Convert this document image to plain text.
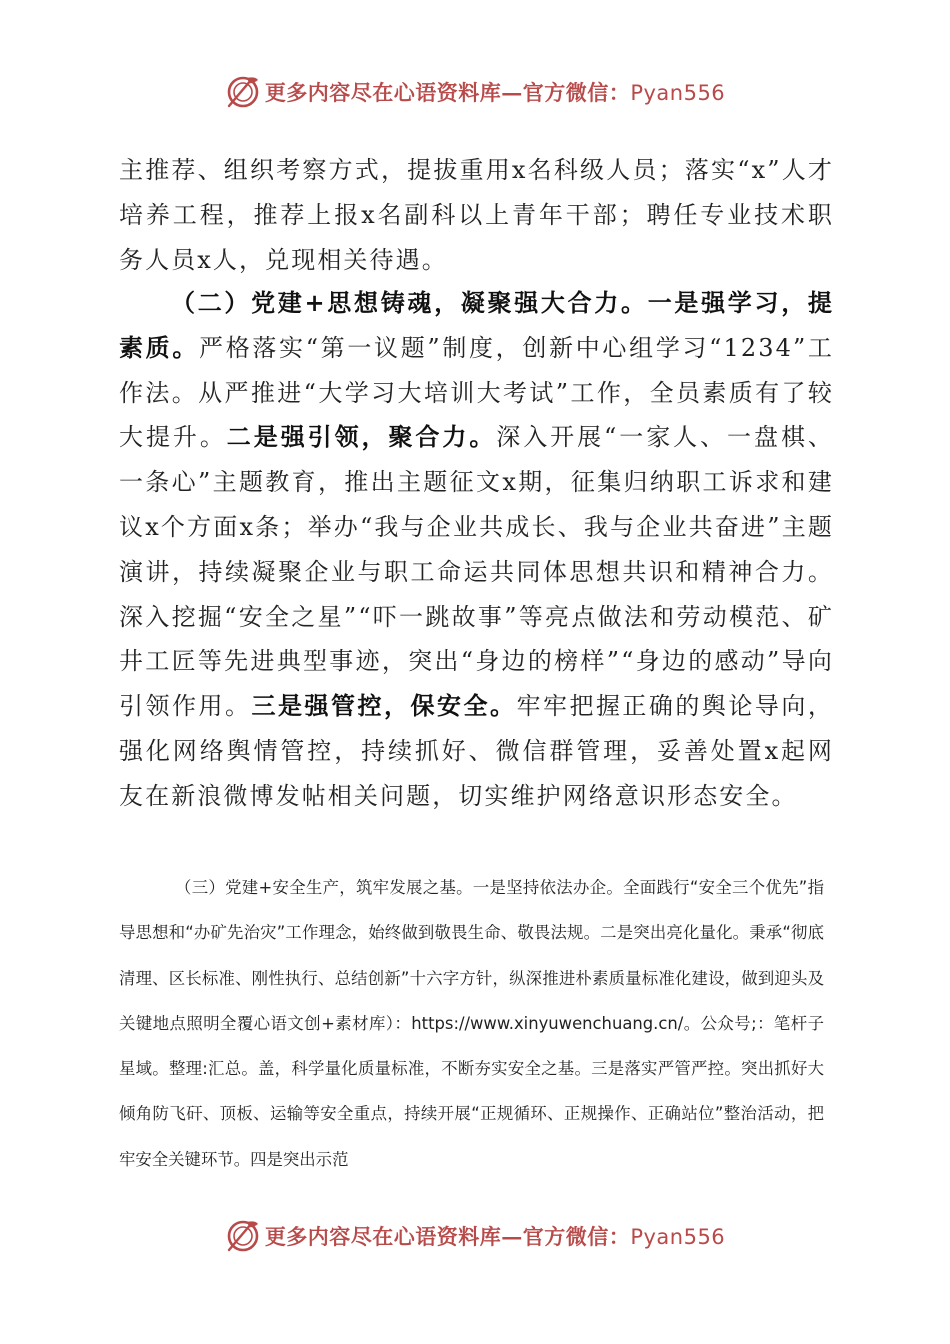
更多内容尽在心语资料库—官方微信：Pyan556

主推荐、组织考察方式，提拔重用x名科级人员；落实“x”人才培养工程，推荐上报x名副科以上青年干部；聘任专业技术职务人员x人，兑现相关待遇。

（二）党建+思想铸魂，凝聚强大合力。一是强学习，提素质。严格落实“第一议题”制度，创新中心组学习“1234”工作法。从严推进“大学习大培训大考试”工作，全员素质有了较大提升。二是强引领，聚合力。深入开展“一家人、一盘棋、一条心”主题教育，推出主题征文x期，征集归纳职工诉求和建议x个方面x条；举办“我与企业共成长、我与企业共奋进”主题演讲，持续凝聚企业与职工命运共同体思想共识和精神合力。深入挖掘“安全之星”“吓一跳故事”等亮点做法和劳动模范、矿井工匠等先进典型事迹，突出“身边的榜样”“身边的感动”导向引领作用。三是强管控，保安全。牢牢把握正确的舆论导向，强化网络舆情管控，持续抓好、微信群管理，妥善处置x起网友在新浪微博发帖相关问题，切实维护网络意识形态安全。

（三）党建+安全生产，筑牢发展之基。一是坚持依法办企。全面践行“安全三个优先”指导思想和“办矿先治灾”工作理念，始终做到敬畏生命、敬畏法规。二是突出亮化量化。秉承“彻底清理、区长标准、刚性执行、总结创新”十六字方针，纵深推进朴素质量标准化建设，做到迎头及关键地点照明全覆心语文创+素材库）：https://www.xinyuwenchuang.cn/。公众号;：笔杆子星域。整理:汇总。盖，科学量化质量标准，不断夯实安全之基。三是落实严管严控。突出抓好大倾角防飞矸、顶板、运输等安全重点，持续开展“正规循环、正规操作、正确站位”整治活动，把牢安全关键环节。四是突出示范

更多内容尽在心语资料库—官方微信：Pyan556
